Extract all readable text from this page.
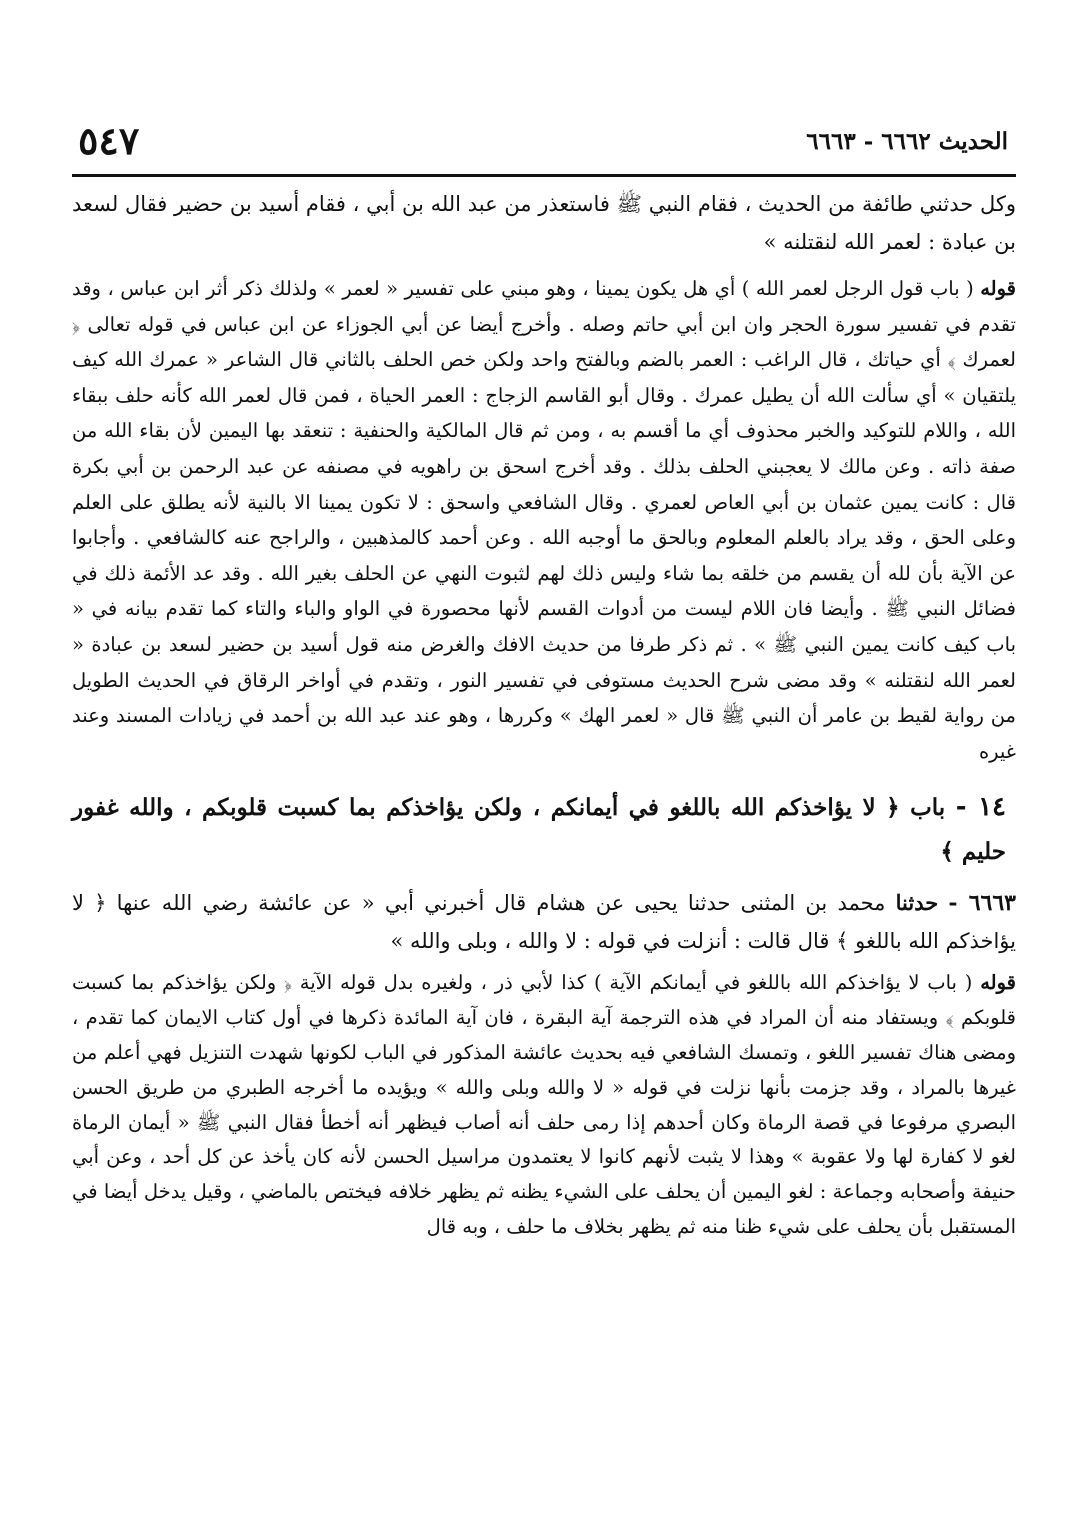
الحديث ٦٦٦٢ - ٦٦٦٣
٥٤٧

وكل حدثني طائفة من الحديث ، فقام النبي ﷺ فاستعذر من عبد الله بن أبي ، فقام أسيد بن حضير فقال لسعد بن عبادة : لعمر الله لنقتلنه »

قوله ( باب قول الرجل لعمر الله ) أي هل يكون يمينا ، وهو مبني على تفسير « لعمر » ولذلك ذكر أثر ابن عباس ، وقد تقدم في تفسير سورة الحجر وان ابن أبي حاتم وصله . وأخرج أيضا عن أبي الجوزاء عن ابن عباس في قوله تعالى ﴿ لعمرك ﴾ أي حياتك ، قال الراغب : العمر بالضم وبالفتح واحد ولكن خص الحلف بالثاني قال الشاعر « عمرك الله كيف يلتقيان » أي سألت الله أن يطيل عمرك . وقال أبو القاسم الزجاج : العمر الحياة ، فمن قال لعمر الله كأنه حلف ببقاء الله ، واللام للتوكيد والخبر محذوف أي ما أقسم به ، ومن ثم قال المالكية والحنفية : تنعقد بها اليمين لأن بقاء الله من صفة ذاته . وعن مالك لا يعجبني الحلف بذلك . وقد أخرج اسحق بن راهويه في مصنفه عن عبد الرحمن بن أبي بكرة قال : كانت يمين عثمان بن أبي العاص لعمري . وقال الشافعي واسحق : لا تكون يمينا الا بالنية لأنه يطلق على العلم وعلى الحق ، وقد يراد بالعلم المعلوم وبالحق ما أوجبه الله . وعن أحمد كالمذهبين ، والراجح عنه كالشافعي . وأجابوا عن الآية بأن لله أن يقسم من خلقه بما شاء وليس ذلك لهم لثبوت النهي عن الحلف بغير الله . وقد عد الأئمة ذلك في فضائل النبي ﷺ . وأيضا فان اللام ليست من أدوات القسم لأنها محصورة في الواو والباء والتاء كما تقدم بيانه في « باب كيف كانت يمين النبي ﷺ » . ثم ذكر طرفا من حديث الافك والغرض منه قول أسيد بن حضير لسعد بن عبادة « لعمر الله لنقتلنه » وقد مضى شرح الحديث مستوفى في تفسير النور ، وتقدم في أواخر الرقاق في الحديث الطويل من رواية لقيط بن عامر أن النبي ﷺ قال « لعمر الهك » وكررها ، وهو عند عبد الله بن أحمد في زيادات المسند وعند غيره

١٤ - باب ﴿ لا يؤاخذكم الله باللغو في أيمانكم ، ولكن يؤاخذكم بما كسبت قلوبكم ، والله غفور حليم ﴾

٦٦٦٣ - حدثنا محمد بن المثنى حدثنا يحيى عن هشام قال أخبرني أبي « عن عائشة رضي الله عنها ﴿ لا يؤاخذكم الله باللغو ﴾ قال قالت : أنزلت في قوله : لا والله ، وبلى والله »

قوله ( باب لا يؤاخذكم الله باللغو في أيمانكم الآية ) كذا لأبي ذر ، ولغيره بدل قوله الآية ﴿ ولكن يؤاخذكم بما كسبت قلوبكم ﴾ ويستفاد منه أن المراد في هذه الترجمة آية البقرة ، فان آية المائدة ذكرها في أول كتاب الايمان كما تقدم ، ومضى هناك تفسير اللغو ، وتمسك الشافعي فيه بحديث عائشة المذكور في الباب لكونها شهدت التنزيل فهي أعلم من غيرها بالمراد ، وقد جزمت بأنها نزلت في قوله « لا والله وبلى والله » ويؤيده ما أخرجه الطبري من طريق الحسن البصري مرفوعا في قصة الرماة وكان أحدهم إذا رمى حلف أنه أصاب فيظهر أنه أخطأ فقال النبي ﷺ « أيمان الرماة لغو لا كفارة لها ولا عقوبة » وهذا لا يثبت لأنهم كانوا لا يعتمدون مراسيل الحسن لأنه كان يأخذ عن كل أحد ، وعن أبي حنيفة وأصحابه وجماعة : لغو اليمين أن يحلف على الشيء يظنه ثم يظهر خلافه فيختص بالماضي ، وقيل يدخل أيضا في المستقبل بأن يحلف على شيء ظنا منه ثم يظهر بخلاف ما حلف ، وبه قال
